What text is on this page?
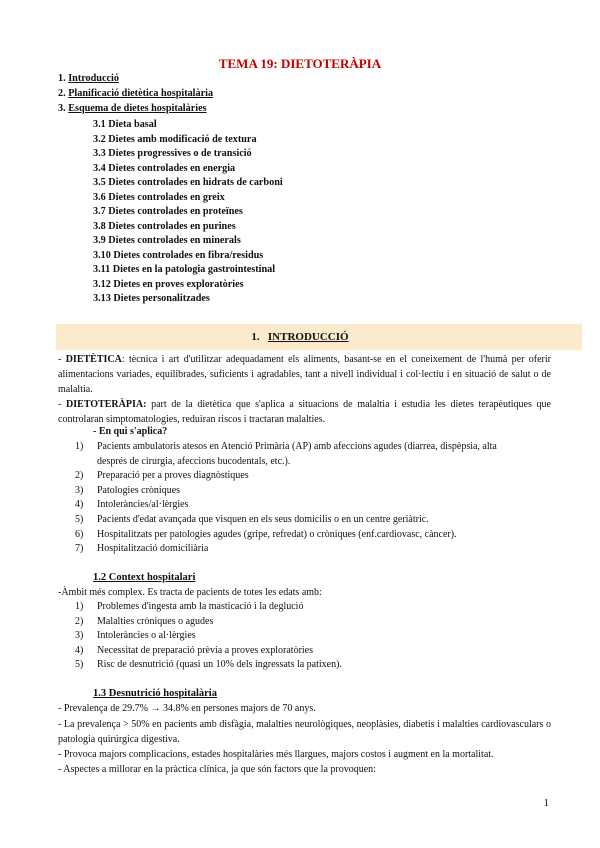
TEMA 19: DIETOTERÀPIA
1. Introducció
2. Planificació dietètica hospitalària
3. Esquema de dietes hospitalàries
3.1 Dieta basal
3.2 Dietes amb modificació de textura
3.3 Dietes progressives o de transició
3.4 Dietes controlades en energia
3.5 Dietes controlades en hidrats de carboni
3.6 Dietes controlades en greix
3.7 Dietes controlades en proteïnes
3.8 Dietes controlades en purines
3.9 Dietes controlades en minerals
3.10 Dietes controlades en fibra/residus
3.11 Dietes en la patologia gastrointestinal
3.12 Dietes en proves exploratòries
3.13 Dietes personalitzades
1. INTRODUCCIÓ
- DIETÈTICA: tècnica i art d'utilitzar adequadament els aliments, basant-se en el coneixement de l'humà per oferir alimentacions variades, equilibrades, suficients i agradables, tant a nivell individual i col·lectiu i en situació de salut o de malaltia.
- DIETOTERÀPIA: part de la dietètica que s'aplica a situacions de malaltia i estudia les dietes terapèutiques que controlaran simptomatologies, reduiran riscos i tractaran malalties.
- En qui s'aplica?
1) Pacients ambulatoris atesos en Atenció Primària (AP) amb afeccions agudes (diarrea, dispèpsia, alta
després de cirurgia, afeccions bucodentals, etc.).
2) Preparació per a proves diagnòstiques
3) Patologies cròniques
4) Intoleràncies/al·lèrgies
5) Pacients d'edat avançada que visquen en els seus domicilis o en un centre geriàtric.
6) Hospitalitzats per patologies agudes (gripe, refredat) o cròniques (enf.cardiovasc, càncer).
7) Hospitalització domiciliària
1.2 Context hospitalari
-Àmbit més complex. Es tracta de pacients de totes les edats amb:
1) Problemes d'ingesta amb la masticació i la deglució
2) Malalties cròniques o agudes
3) Intoleràncies o al·lèrgies
4) Necessitat de preparació prèvia a proves exploratòries
5) Risc de desnutrició (quasi un 10% dels ingressats la patixen).
1.3 Desnutrició hospitalària
- Prevalença de 29.7% → 34.8% en persones majors de 70 anys.
- La prevalença > 50% en pacients amb disfàgia, malalties neurològiques, neoplàsies, diabetis i malalties cardiovasculars o patologia quirúrgica digestiva.
- Provoca majors complicacions, estades hospitalàries més llargues, majors costos i augment en la mortalitat.
- Aspectes a millorar en la pràctica clínica, ja que són factors que la provoquen:
1
